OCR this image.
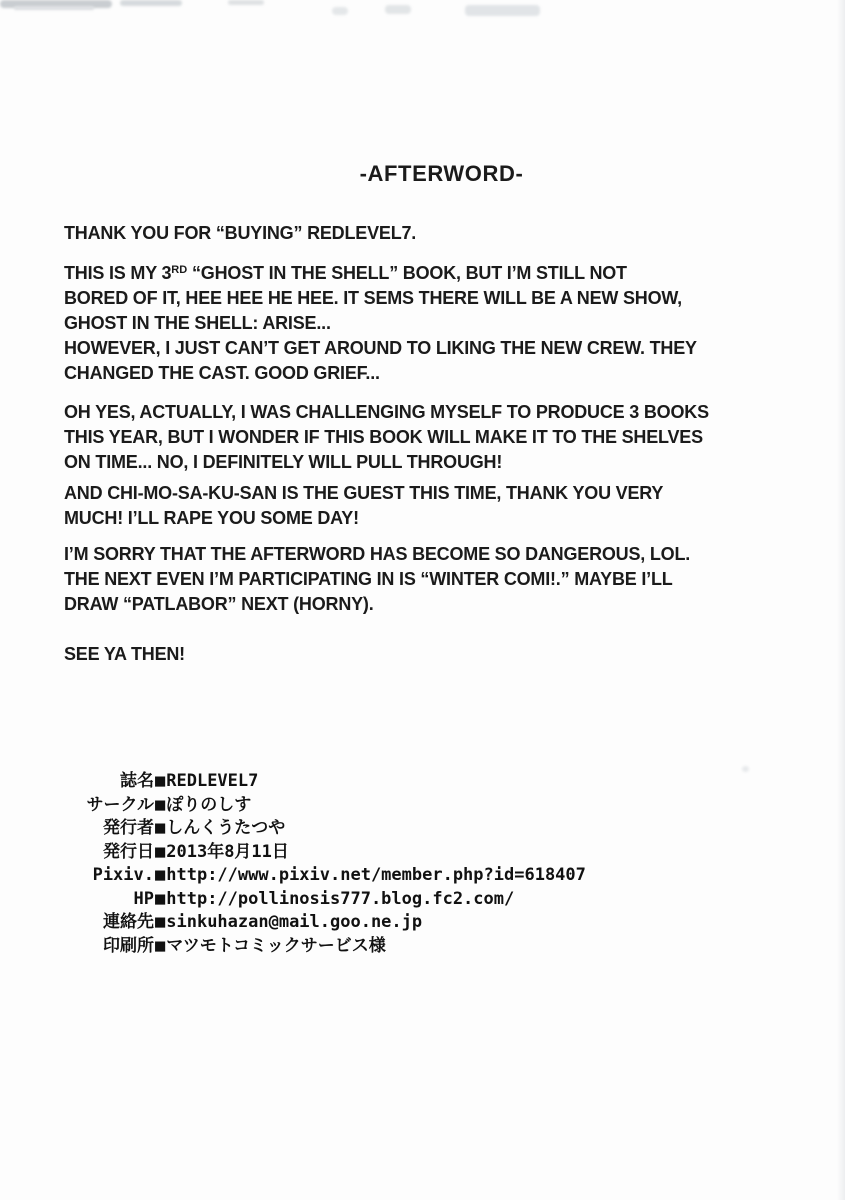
-AFTERWORD-
THANK YOU FOR “BUYING” REDLEVEL7.
THIS IS MY 3RD “GHOST IN THE SHELL” BOOK, BUT I’M STILL NOT
BORED OF IT, HEE HEE HE HEE. IT SEMS THERE WILL BE A NEW SHOW,
GHOST IN THE SHELL: ARISE...
HOWEVER, I JUST CAN’T GET AROUND TO LIKING THE NEW CREW. THEY
CHANGED THE CAST. GOOD GRIEF...
OH YES, ACTUALLY, I WAS CHALLENGING MYSELF TO PRODUCE 3 BOOKS
THIS YEAR, BUT I WONDER IF THIS BOOK WILL MAKE IT TO THE SHELVES
ON TIME... NO, I DEFINITELY WILL PULL THROUGH!
AND CHI-MO-SA-KU-SAN IS THE GUEST THIS TIME, THANK YOU VERY
MUCH! I’LL RAPE YOU SOME DAY!
I’M SORRY THAT THE AFTERWORD HAS BECOME SO DANGEROUS, LOL.
THE NEXT EVEN I’M PARTICIPATING IN IS “WINTER COMI!.” MAYBE I’LL
DRAW “PATLABOR” NEXT (HORNY).
SEE YA THEN!
誌名 ■ REDLEVEL7
サークル ■ ぽりのしす
発行者 ■ しんくうたつや
発行日 ■ 2013年8月11日
Pixiv. ■ http://www.pixiv.net/member.php?id=618407
HP ■ http://pollinosis777.blog.fc2.com/
連絡先 ■ sinkuhazan@mail.goo.ne.jp
印刷所 ■ マツモトコミックサービス様
